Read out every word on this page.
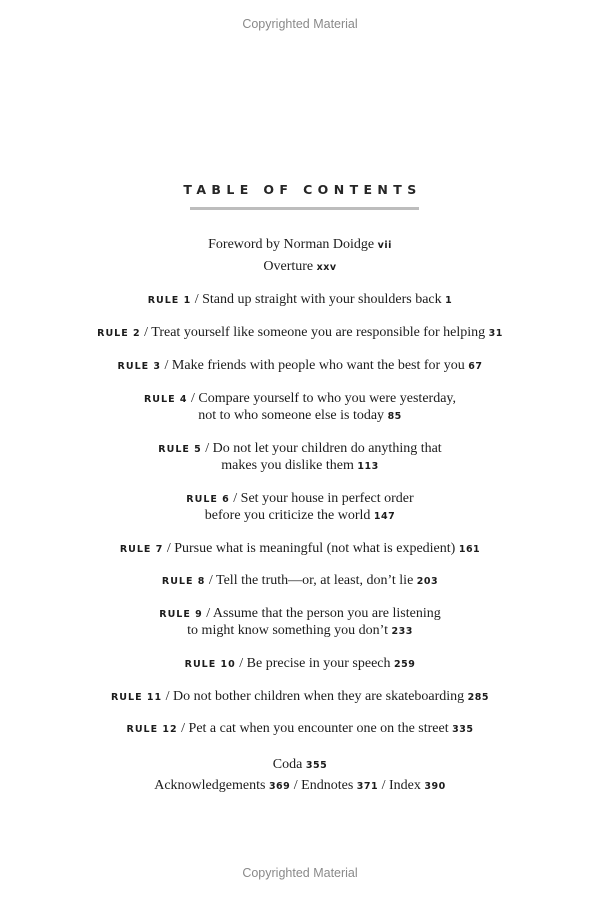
Copyrighted Material
TABLE OF CONTENTS
Foreword by Norman Doidge vii
Overture xxv
RULE 1 / Stand up straight with your shoulders back 1
RULE 2 / Treat yourself like someone you are responsible for helping 31
RULE 3 / Make friends with people who want the best for you 67
RULE 4 / Compare yourself to who you were yesterday,
not to who someone else is today 85
RULE 5 / Do not let your children do anything that
makes you dislike them 113
RULE 6 / Set your house in perfect order
before you criticize the world 147
RULE 7 / Pursue what is meaningful (not what is expedient) 161
RULE 8 / Tell the truth—or, at least, don’t lie 203
RULE 9 / Assume that the person you are listening
to might know something you don’t 233
RULE 10 / Be precise in your speech 259
RULE 11 / Do not bother children when they are skateboarding 285
RULE 12 / Pet a cat when you encounter one on the street 335
Coda 355
Acknowledgements 369 / Endnotes 371 / Index 390
Copyrighted Material
